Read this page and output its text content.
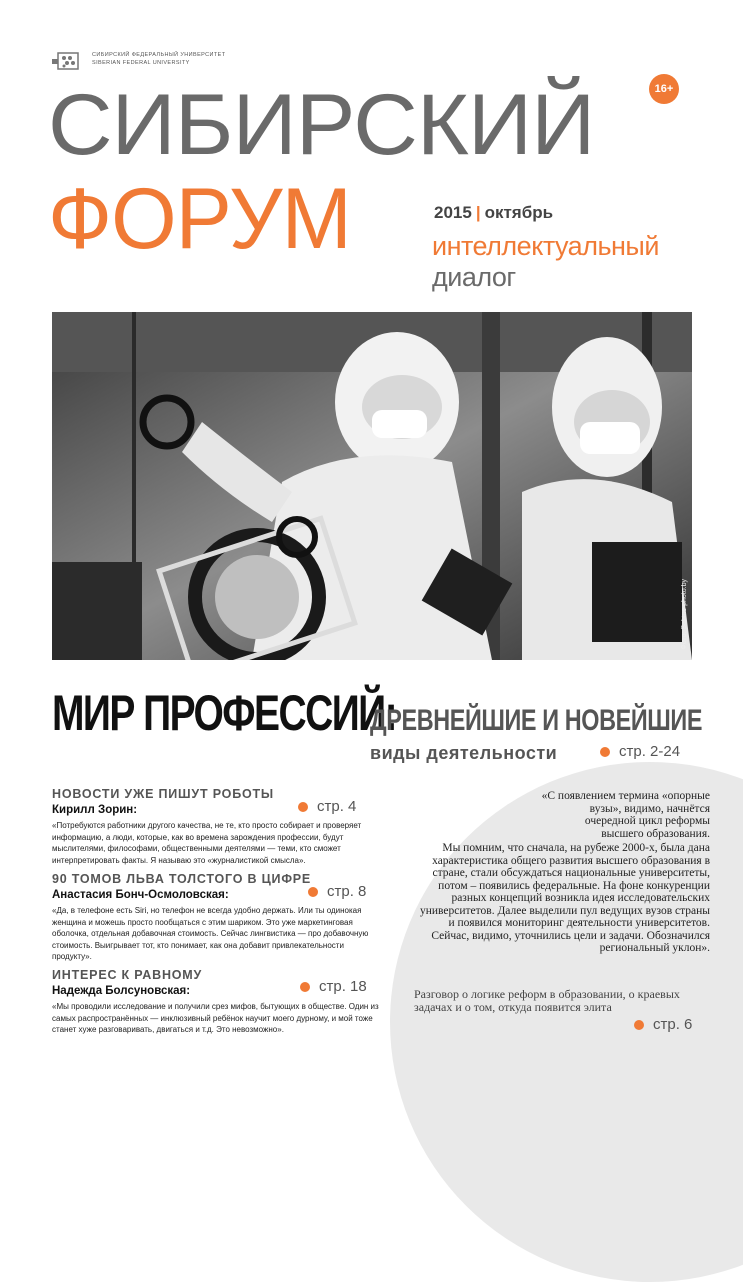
СИБИРСКИЙ ФЕДЕРАЛЬНЫЙ УНИВЕРСИТЕТ
SIBERIAN FEDERAL UNIVERSITY
16+
СИБИРСКИЙ
ФОРУМ	2015 | октябрь
интеллектуальный
диалог
Фото: Sabine photo.by
МИР ПРОФЕССИЙ:
ДРЕВНЕЙШИЕ И НОВЕЙШИЕ
виды деятельности	стр. 2-24
НОВОСТИ УЖЕ ПИШУТ РОБОТЫ
Кирилл Зорин:	стр. 4
«Потребуются работники другого качества, не те, кто просто собирает и проверяет информацию, а люди, которые, как во времена зарождения профессии, будут мыслителями, философами, общественными деятелями — теми, кто сможет интерпретировать факты. Я называю это «журналистикой смысла».
90 ТОМОВ ЛЬВА ТОЛСТОГО В ЦИФРЕ
Анастасия Бонч-Осмоловская:	стр. 8
«Да, в телефоне есть Siri, но телефон не всегда удобно держать. Или ты одинокая женщина и можешь просто пообщаться с этим шариком. Это уже маркетинговая оболочка, отдельная добавочная стоимость. Сейчас лингвистика — про добавочную стоимость. Выигрывает тот, кто понимает, как она добавит привлекательности продукту».
ИНТЕРЕС К РАВНОМУ
Надежда Болсуновская:	стр. 18
«Мы проводили исследование и получили срез мифов, бытующих в обществе. Один из самых распространённых — инклюзивный ребёнок научит моего дурному, и мой тоже станет хуже разговаривать, двигаться и т.д. Это невозможно».
«С появлением термина «опорные вузы», видимо, начнётся очередной цикл реформы высшего образования.
Мы помним, что сначала, на рубеже 2000-х, была дана характеристика общего развития высшего образования в стране, стали обсуждаться национальные университеты, потом – появились федеральные. На фоне конкуренции разных концепций возникла идея исследовательских университетов. Далее выделили пул ведущих вузов страны и появился мониторинг деятельности университетов. Сейчас, видимо, уточнились цели и задачи. Обозначился региональный уклон».
Разговор о логике реформ в образовании, о краевых задачах и о том, откуда появится элита
стр. 6
